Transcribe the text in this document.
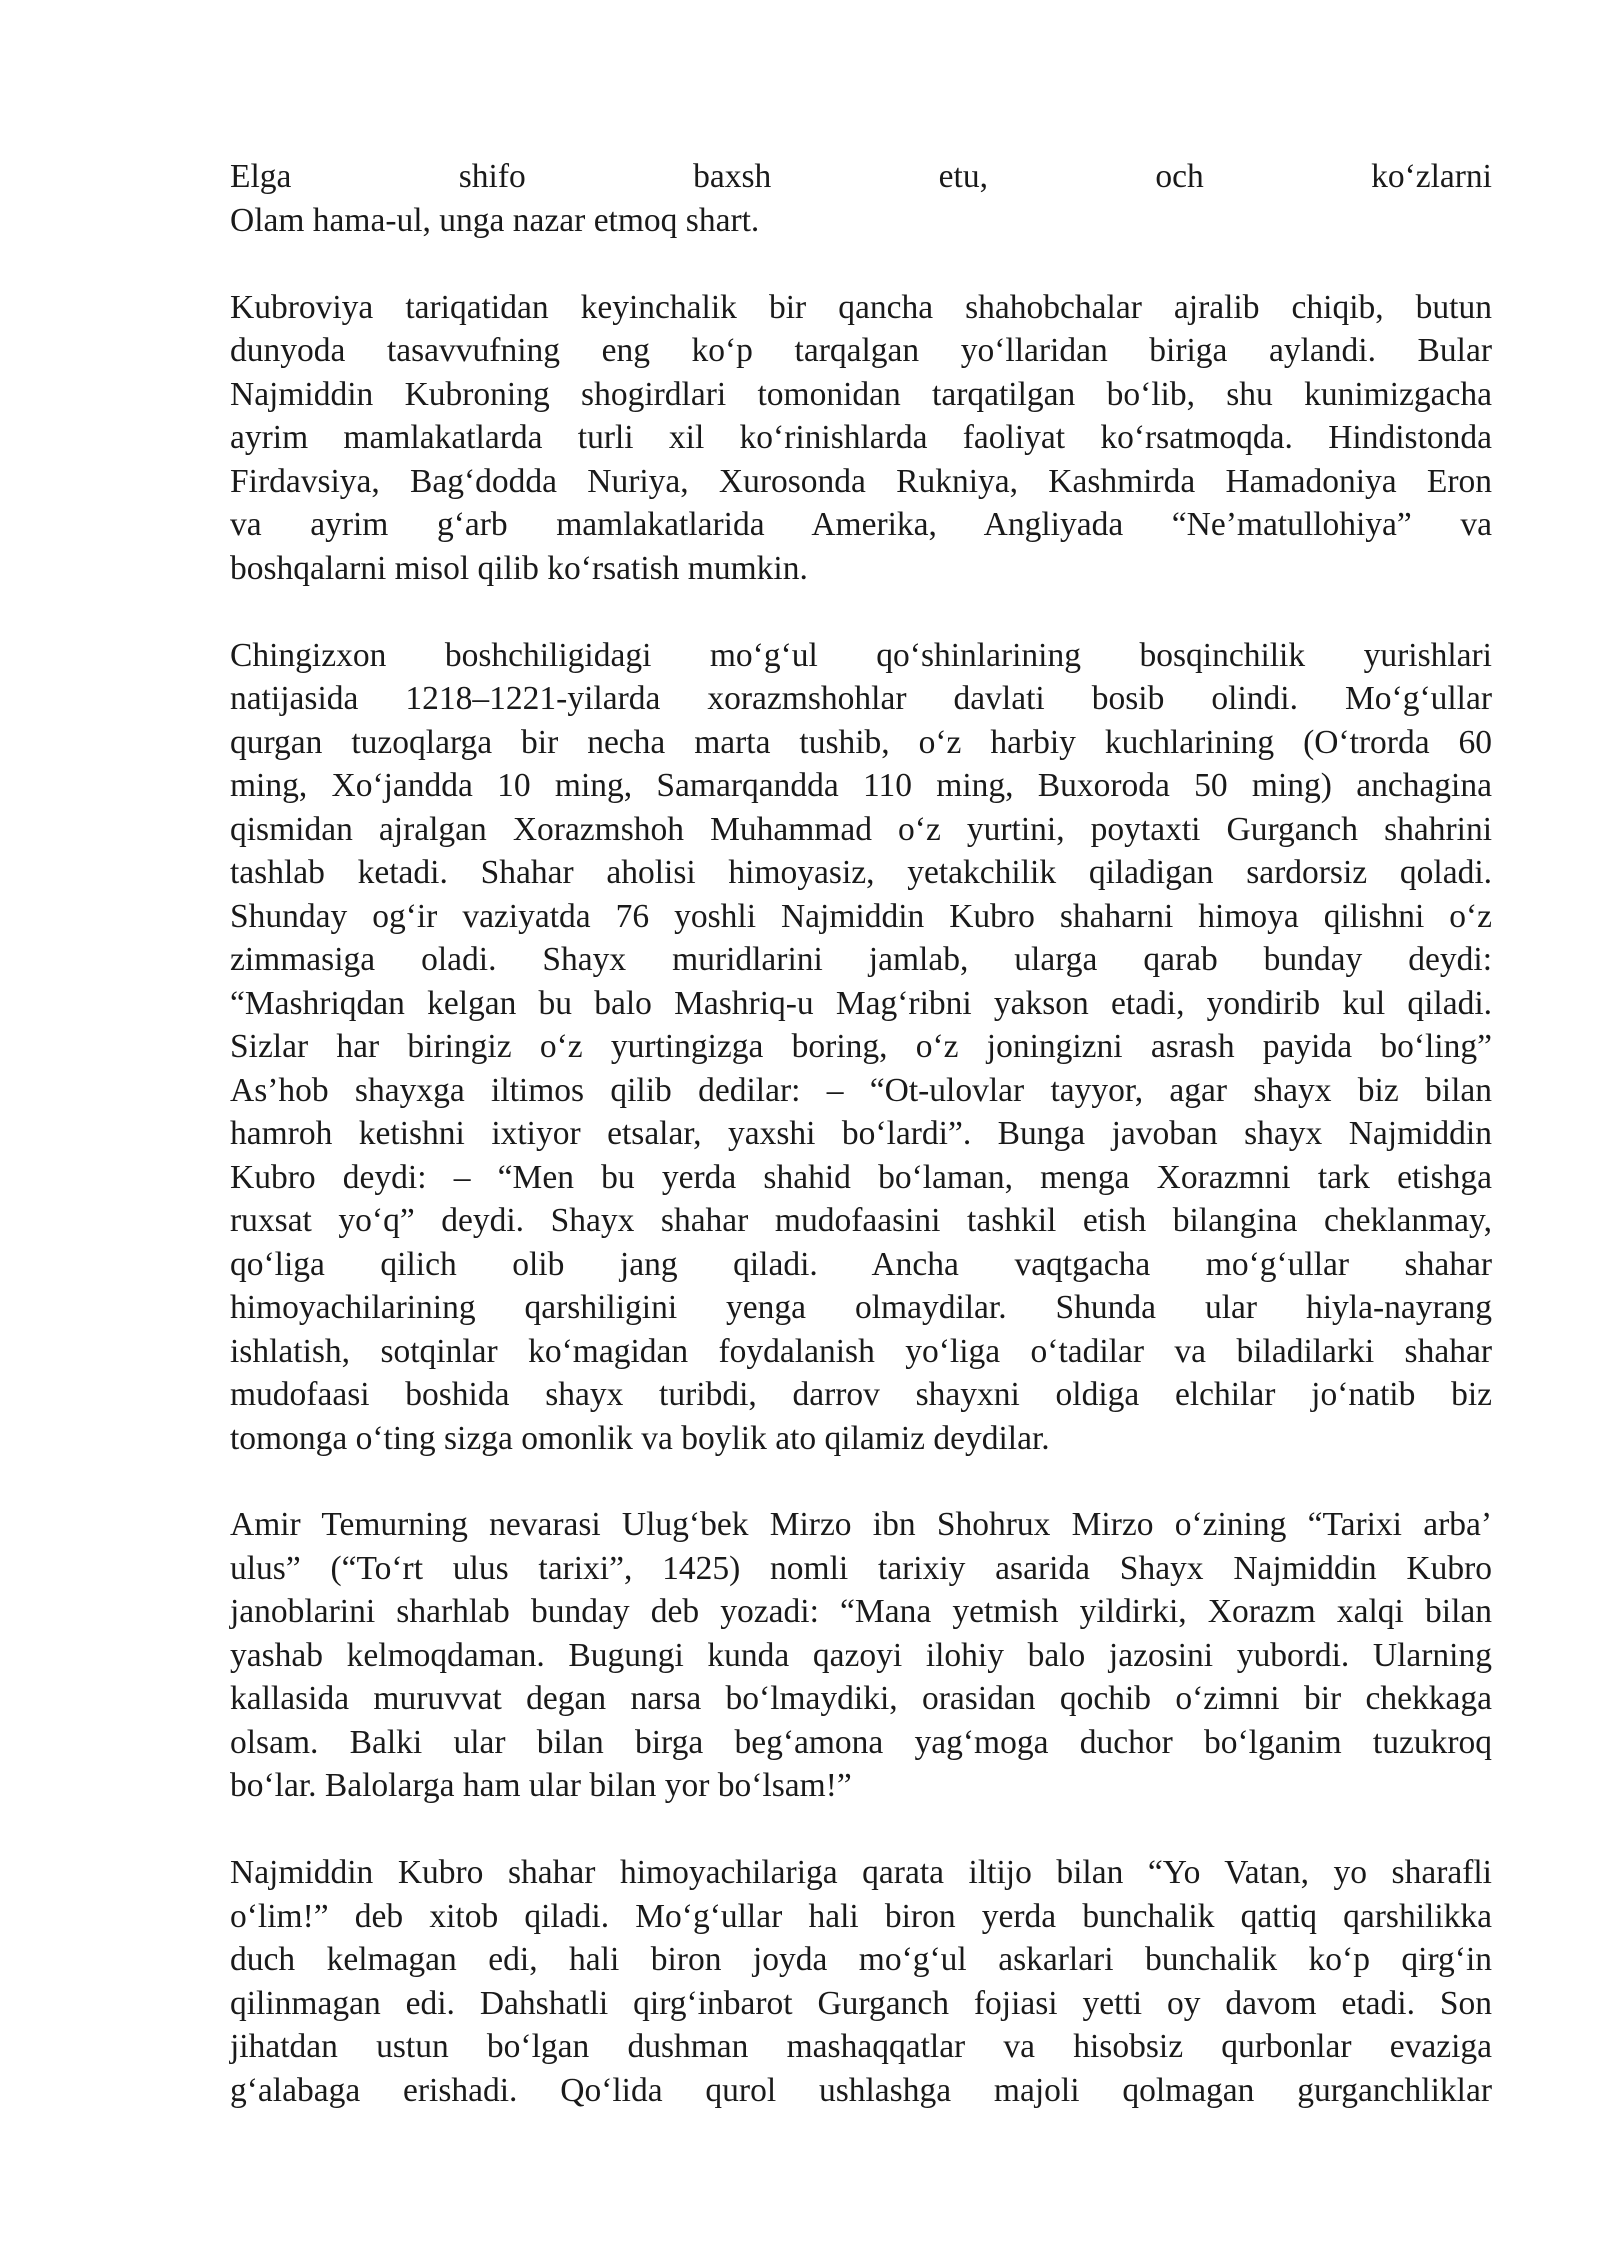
Elga shifo baxsh etu, och ko‘zlarni
Olam hama-ul, unga nazar etmoq shart.
Kubroviya tariqatidan keyinchalik bir qancha shahobchalar ajralib chiqib, butun
dunyoda tasavvufning eng ko‘p tarqalgan yo‘llaridan biriga aylandi. Bular
Najmiddin Kubroning shogirdlari tomonidan tarqatilgan bo‘lib, shu kunimizgacha
ayrim mamlakatlarda turli xil ko‘rinishlarda faoliyat ko‘rsatmoqda. Hindistonda
Firdavsiya, Bag‘dodda Nuriya, Xurosonda Rukniya, Kashmirda Hamadoniya Eron
va ayrim g‘arb mamlakatlarida Amerika, Angliyada “Ne’matullohiya” va
boshqalarni misol qilib ko‘rsatish mumkin.
Chingizxon boshchiligidagi mo‘g‘ul qo‘shinlarining bosqinchilik yurishlari
natijasida 1218–1221-yilarda xorazmshohlar davlati bosib olindi. Mo‘g‘ullar
qurgan tuzoqlarga bir necha marta tushib, o‘z harbiy kuchlarining (O‘trorda 60
ming, Xo‘jandda 10 ming, Samarqandda 110 ming, Buxoroda 50 ming) anchagina
qismidan ajralgan Xorazmshoh Muhammad o‘z yurtini, poytaxti Gurganch shahrini
tashlab ketadi. Shahar aholisi himoyasiz, yetakchilik qiladigan sardorsiz qoladi.
Shunday og‘ir vaziyatda 76 yoshli Najmiddin Kubro shaharni himoya qilishni o‘z
zimmasiga oladi. Shayx muridlarini jamlab, ularga qarab bunday deydi:
“Mashriqdan kelgan bu balo Mashriq-u Mag‘ribni yakson etadi, yondirib kul qiladi.
Sizlar har biringiz o‘z yurtingizga boring, o‘z joningizni asrash payida bo‘ling”
As’hob shayxga iltimos qilib dedilar: – “Ot-ulovlar tayyor, agar shayx biz bilan
hamroh ketishni ixtiyor etsalar, yaxshi bo‘lardi”. Bunga javoban shayx Najmiddin
Kubro deydi: – “Men bu yerda shahid bo‘laman, menga Xorazmni tark etishga
ruxsat yo‘q” deydi. Shayx shahar mudofaasini tashkil etish bilangina cheklanmay,
qo‘liga qilich olib jang qiladi. Ancha vaqtgacha mo‘g‘ullar shahar
himoyachilarining qarshiligini yenga olmaydilar. Shunda ular hiyla-nayrang
ishlatish, sotqinlar ko‘magidan foydalanish yo‘liga o‘tadilar va biladilarki shahar
mudofaasi boshida shayx turibdi, darrov shayxni oldiga elchilar jo‘natib biz
tomonga o‘ting sizga omonlik va boylik ato qilamiz deydilar.
Amir Temurning nevarasi Ulug‘bek Mirzo ibn Shohrux Mirzo o‘zining “Tarixi arba’
ulus” (“To‘rt ulus tarixi”, 1425) nomli tarixiy asarida Shayx Najmiddin Kubro
janoblarini sharhlab bunday deb yozadi: “Mana yetmish yildirki, Xorazm xalqi bilan
yashab kelmoqdaman. Bugungi kunda qazoyi ilohiy balo jazosini yubordi. Ularning
kallasida muruvvat degan narsa bo‘lmaydiki, orasidan qochib o‘zimni bir chekkaga
olsam. Balki ular bilan birga beg‘amona yag‘moga duchor bo‘lganim tuzukroq
bo‘lar. Balolarga ham ular bilan yor bo‘lsam!”
Najmiddin Kubro shahar himoyachilariga qarata iltijo bilan “Yo Vatan, yo sharafli
o‘lim!” deb xitob qiladi. Mo‘g‘ullar hali biron yerda bunchalik qattiq qarshilikka
duch kelmagan edi, hali biron joyda mo‘g‘ul askarlari bunchalik ko‘p qirg‘in
qilinmagan edi. Dahshatli qirg‘inbarot Gurganch fojiasi yetti oy davom etadi. Son
jihatdan ustun bo‘lgan dushman mashaqqatlar va hisobsiz qurbonlar evaziga
g‘alabaga erishadi. Qo‘lida qurol ushlashga majoli qolmagan gurganchliklar
